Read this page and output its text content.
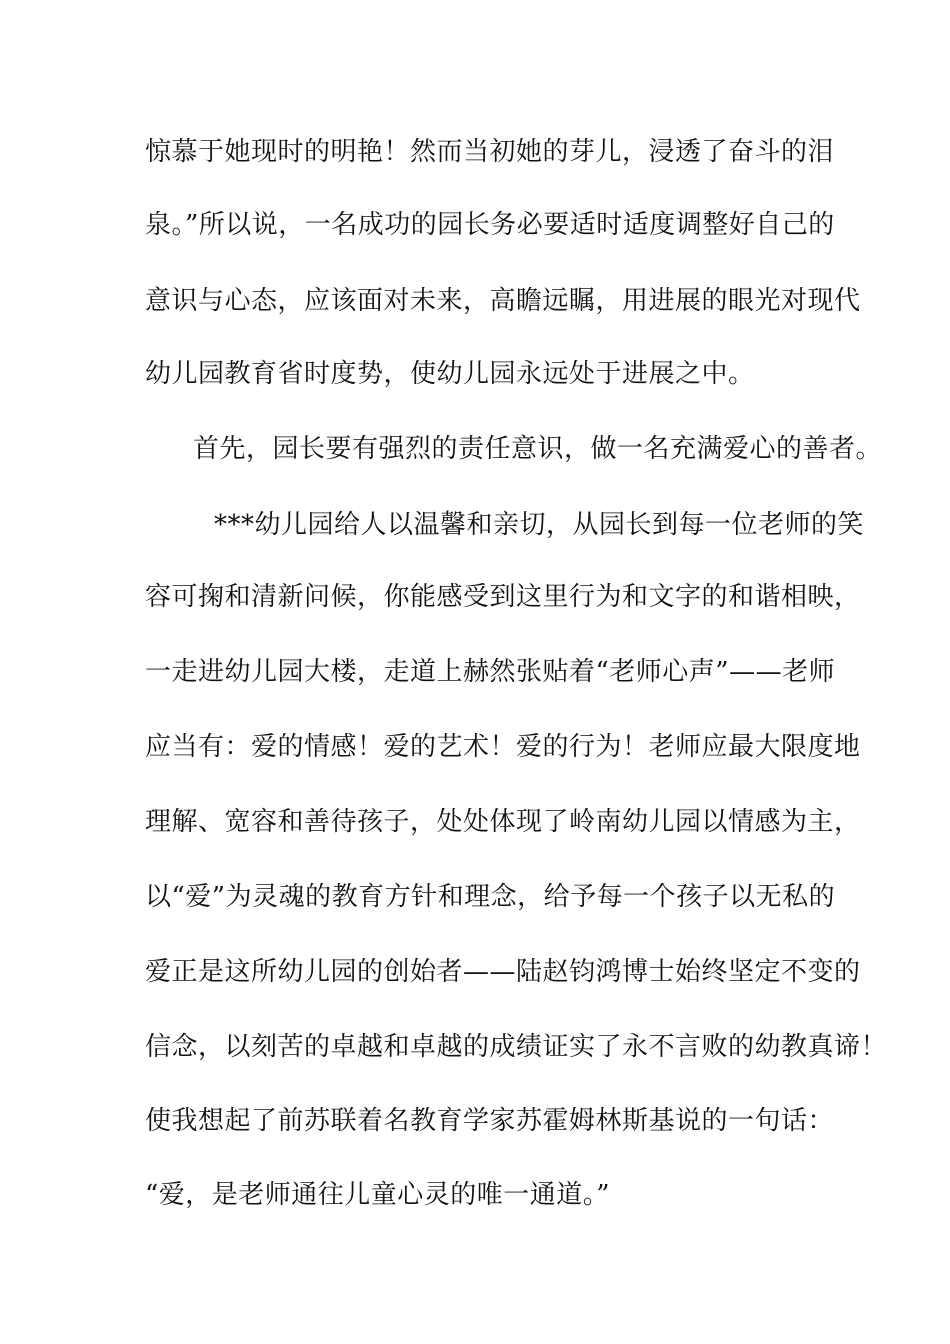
惊慕于她现时的明艳！然而当初她的芽儿，浸透了奋斗的泪
泉。”所以说，一名成功的园长务必要适时适度调整好自己的
意识与心态，应该面对未来，高瞻远瞩，用进展的眼光对现代
幼儿园教育省时度势，使幼儿园永远处于进展之中。
首先，园长要有强烈的责任意识，做一名充满爱心的善者。
***幼儿园给人以温馨和亲切，从园长到每一位老师的笑
容可掬和清新问候，你能感受到这里行为和文字的和谐相映，
一走进幼儿园大楼，走道上赫然张贴着“老师心声”——老师
应当有：爱的情感！爱的艺术！爱的行为！老师应最大限度地
理解、宽容和善待孩子，处处体现了岭南幼儿园以情感为主，
以“爱”为灵魂的教育方针和理念，给予每一个孩子以无私的
爱正是这所幼儿园的创始者——陆赵钧鸿博士始终坚定不变的
信念，以刻苦的卓越和卓越的成绩证实了永不言败的幼教真谛！
使我想起了前苏联着名教育学家苏霍姆林斯基说的一句话：
“爱，是老师通往儿童心灵的唯一通道。”
